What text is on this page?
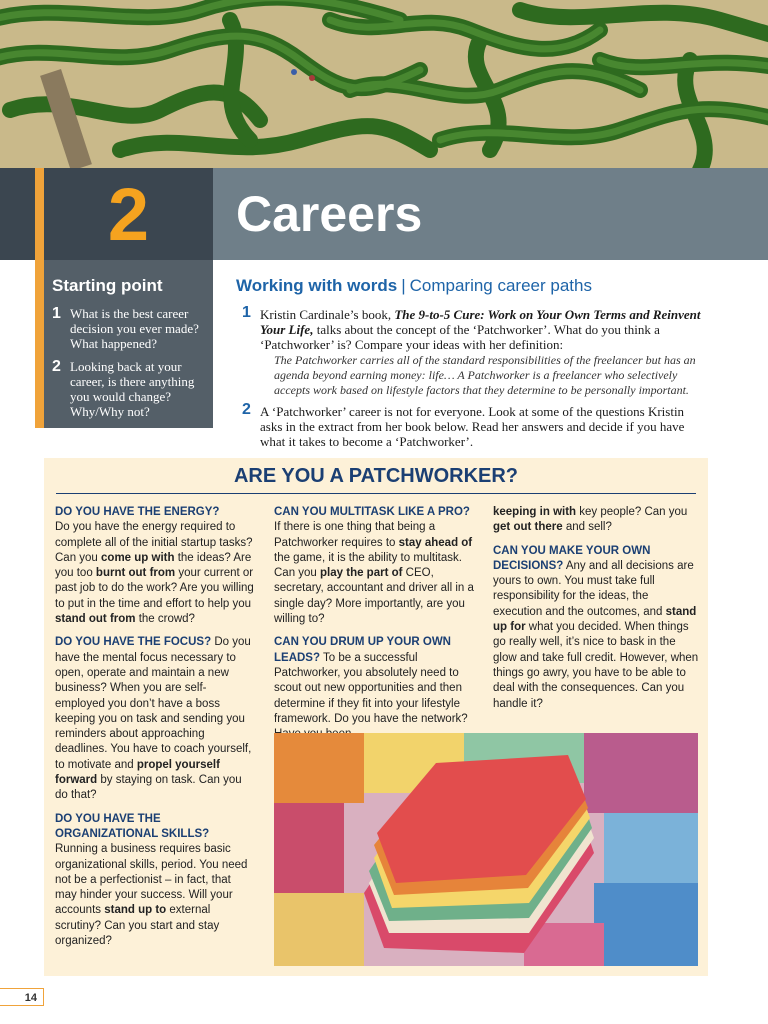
2	Careers
Starting point
1 What is the best career decision you ever made? What happened?
2 Looking back at your career, is there anything you would change? Why/Why not?
Working with words | Comparing career paths
1 Kristin Cardinale’s book, The 9-to-5 Cure: Work on Your Own Terms and Reinvent Your Life, talks about the concept of the ‘Patchworker’. What do you think a ‘Patchworker’ is? Compare your ideas with her definition:
The Patchworker carries all of the standard responsibilities of the freelancer but has an agenda beyond earning money: life… A Patchworker is a freelancer who selectively accepts work based on lifestyle factors that they determine to be personally important.
2 A ‘Patchworker’ career is not for everyone. Look at some of the questions Kristin asks in the extract from her book below. Read her answers and decide if you have what it takes to become a ‘Patchworker’.
ARE YOU A PATCHWORKER?

DO YOU HAVE THE ENERGY?
Do you have the energy required to complete all of the initial startup tasks? Can you come up with the ideas? Are you too burnt out from your current or past job to do the work? Are you willing to put in the time and effort to help you stand out from the crowd?

DO YOU HAVE THE FOCUS? Do you have the mental focus necessary to open, operate and maintain a new business? When you are self-employed you don’t have a boss keeping you on task and sending you reminders about approaching deadlines. You have to coach yourself, to motivate and propel yourself forward by staying on task. Can you do that?

DO YOU HAVE THE ORGANIZATIONAL SKILLS?
Running a business requires basic organizational skills, period. You need not be a perfectionist – in fact, that may hinder your success. Will your accounts stand up to external scrutiny? Can you start and stay organized?

CAN YOU MULTITASK LIKE A PRO?
If there is one thing that being a Patchworker requires to stay ahead of the game, it is the ability to multitask. Can you play the part of CEO, secretary, accountant and driver all in a single day? More importantly, are you willing to?

CAN YOU DRUM UP YOUR OWN LEADS? To be a successful Patchworker, you absolutely need to scout out new opportunities and then determine if they fit into your lifestyle framework. Do you have the network?

keeping in with key people? Can you get out there and sell?

CAN YOU MAKE YOUR OWN DECISIONS? Any and all decisions are yours to own. You must take full responsibility for the ideas, the execution and the outcomes, and stand up for what you decided. When things go really well, it’s nice to bask in the glow and take full credit. However, when things go awry, you have to be able to deal with the consequences. Can you handle it?

14
